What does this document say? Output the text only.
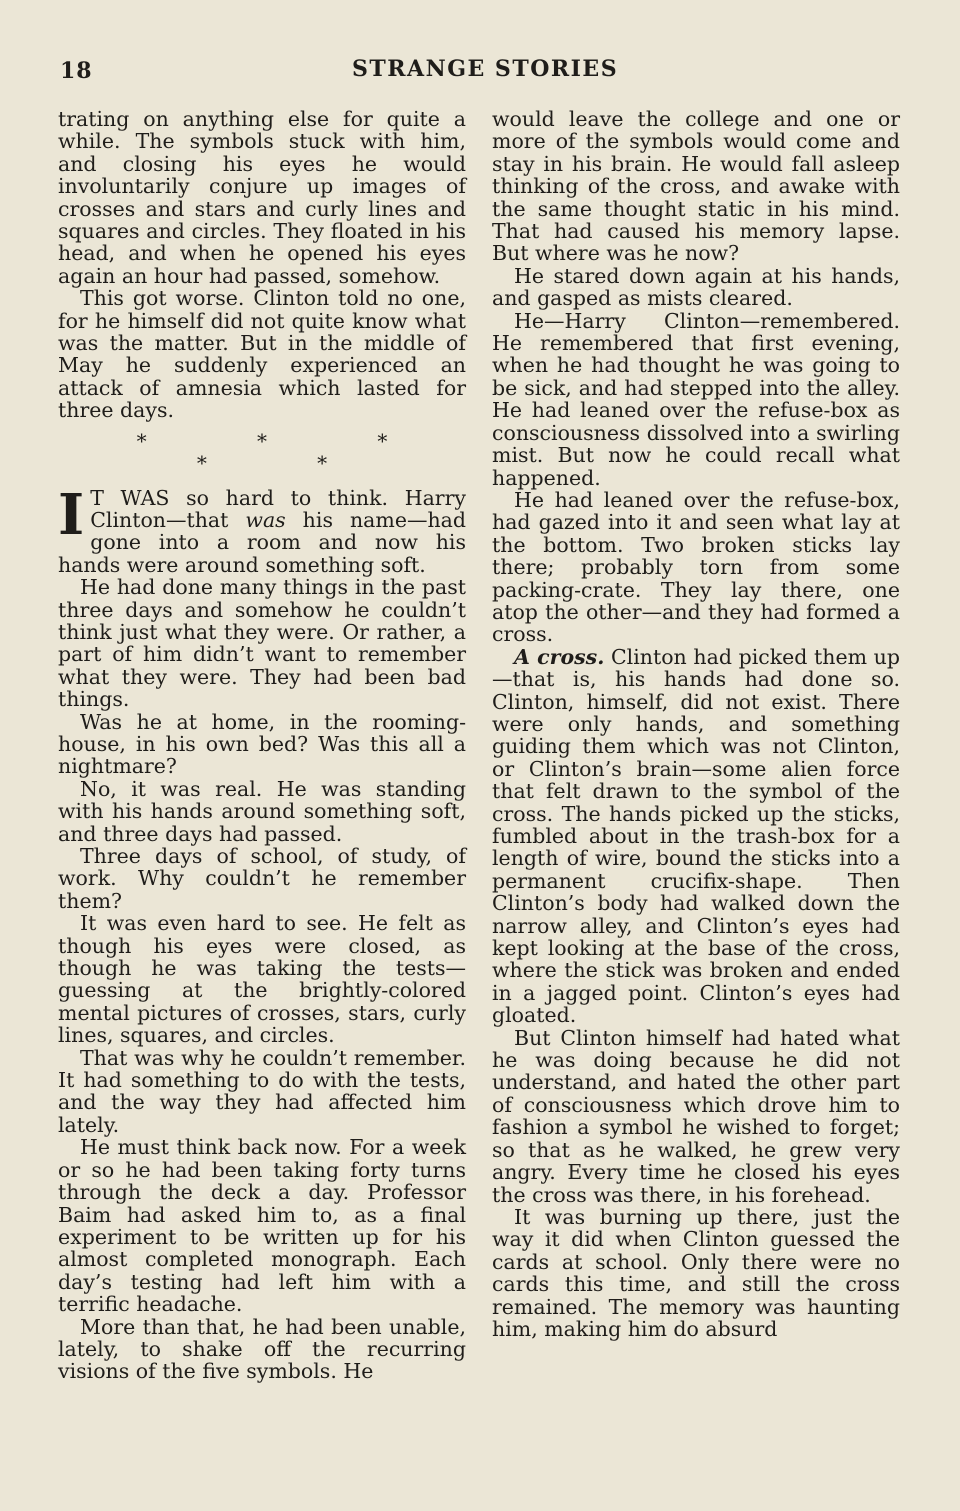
18	STRANGE STORIES

trating on anything else for quite a while. The symbols stuck with him, and closing his eyes he would involuntarily conjure up images of crosses and stars and curly lines and squares and circles. They floated in his head, and when he opened his eyes again an hour had passed, somehow.

This got worse. Clinton told no one, for he himself did not quite know what was the matter. But in the middle of May he suddenly experienced an attack of amnesia which lasted for three days.

* * * * *

I T WAS so hard to think. Harry Clinton—that was his name—had gone into a room and now his hands were around something soft.

He had done many things in the past three days and somehow he couldn’t think just what they were. Or rather, a part of him didn’t want to remember what they were. They had been bad things.

Was he at home, in the rooming-house, in his own bed? Was this all a nightmare?

No, it was real. He was standing with his hands around something soft, and three days had passed.

Three days of school, of study, of work. Why couldn’t he remember them?

It was even hard to see. He felt as though his eyes were closed, as though he was taking the tests—guessing at the brightly-colored mental pictures of crosses, stars, curly lines, squares, and circles.

That was why he couldn’t remember. It had something to do with the tests, and the way they had affected him lately.

He must think back now. For a week or so he had been taking forty turns through the deck a day. Professor Baim had asked him to, as a final experiment to be written up for his almost completed monograph. Each day’s testing had left him with a terrific headache.

More than that, he had been unable, lately, to shake off the recurring visions of the five symbols. He

would leave the college and one or more of the symbols would come and stay in his brain. He would fall asleep thinking of the cross, and awake with the same thought static in his mind. That had caused his memory lapse. But where was he now?

He stared down again at his hands, and gasped as mists cleared.

He—Harry Clinton—remembered. He remembered that first evening, when he had thought he was going to be sick, and had stepped into the alley. He had leaned over the refuse-box as consciousness dissolved into a swirling mist. But now he could recall what happened.

He had leaned over the refuse-box, had gazed into it and seen what lay at the bottom. Two broken sticks lay there; probably torn from some packing-crate. They lay there, one atop the other—and they had formed a cross.

A cross. Clinton had picked them up—that is, his hands had done so. Clinton, himself, did not exist. There were only hands, and something guiding them which was not Clinton, or Clinton’s brain—some alien force that felt drawn to the symbol of the cross. The hands picked up the sticks, fumbled about in the trash-box for a length of wire, bound the sticks into a permanent crucifix-shape. Then Clinton’s body had walked down the narrow alley, and Clinton’s eyes had kept looking at the base of the cross, where the stick was broken and ended in a jagged point. Clinton’s eyes had gloated.

But Clinton himself had hated what he was doing because he did not understand, and hated the other part of consciousness which drove him to fashion a symbol he wished to forget; so that as he walked, he grew very angry. Every time he closed his eyes the cross was there, in his forehead.

It was burning up there, just the way it did when Clinton guessed the cards at school. Only there were no cards this time, and still the cross remained. The memory was haunting him, making him do absurd
